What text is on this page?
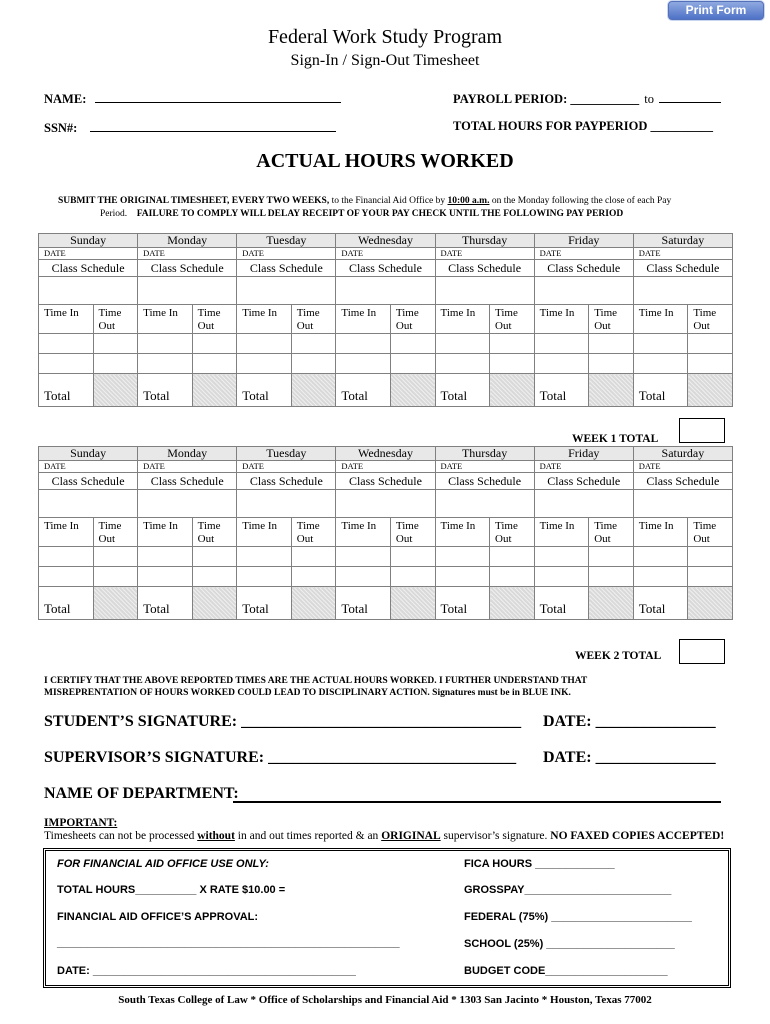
Print Form
Federal Work Study Program
Sign-In / Sign-Out Timesheet
NAME:
SSN#:
PAYROLL PERIOD: ___________ to
TOTAL HOURS FOR PAYPERIOD __________
ACTUAL HOURS WORKED
SUBMIT THE ORIGINAL TIMESHEET, EVERY TWO WEEKS, to the Financial Aid Office by 10:00 a.m. on the Monday following the close of each Pay
Period. FAILURE TO COMPLY WILL DELAY RECEIPT OF YOUR PAY CHECK UNTIL THE FOLLOWING PAY PERIOD
Sunday		Monday		Tuesday		Wednesday		Thursday		Friday		Saturday	
DATE		DATE		DATE		DATE		DATE		DATE		DATE	
Class Schedule		Class Schedule		Class Schedule		Class Schedule		Class Schedule		Class Schedule		Class Schedule	

Time In	Time Out	Time In	Time Out	Time In	Time Out	Time In	Time Out	Time In	Time Out	Time In	Time Out	Time In	Time Out

Total		Total		Total		Total		Total		Total		Total	
WEEK 1 TOTAL
Sunday		Monday		Tuesday		Wednesday		Thursday		Friday		Saturday	
DATE		DATE		DATE		DATE		DATE		DATE		DATE	
Class Schedule		Class Schedule		Class Schedule		Class Schedule		Class Schedule		Class Schedule		Class Schedule	

Time In	Time Out	Time In	Time Out	Time In	Time Out	Time In	Time Out	Time In	Time Out	Time In	Time Out	Time In	Time Out

Total		Total		Total		Total		Total		Total		Total	
WEEK 2 TOTAL
I CERTIFY THAT THE ABOVE REPORTED TIMES ARE THE ACTUAL HOURS WORKED. I FURTHER UNDERSTAND THAT
MISREPRENTATION OF HOURS WORKED COULD LEAD TO DISCIPLINARY ACTION. Signatures must be in BLUE INK.
STUDENT’S SIGNATURE: ___________________________________ DATE: _______________
SUPERVISOR’S SIGNATURE: _______________________________ DATE: _______________
NAME OF DEPARTMENT:
IMPORTANT:
Timesheets can not be processed without in and out times reported & an ORIGINAL supervisor’s signature. NO FAXED COPIES ACCEPTED!
FOR FINANCIAL AID OFFICE USE ONLY:
TOTAL HOURS__________ X RATE $10.00 =
FINANCIAL AID OFFICE’S APPROVAL:
________________________________________________________
DATE: ___________________________________________
FICA HOURS _____________
GROSSPAY________________________
FEDERAL (75%) _______________________
SCHOOL (25%) _____________________
BUDGET CODE____________________
South Texas College of Law * Office of Scholarships and Financial Aid * 1303 San Jacinto * Houston, Texas 77002
